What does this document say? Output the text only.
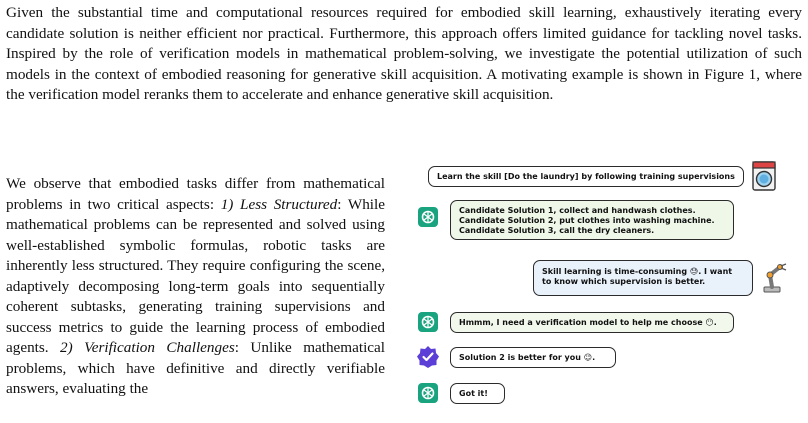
Given the substantial time and computational resources required for embodied skill learning, exhaustively iterating every candidate solution is neither efficient nor practical. Furthermore, this approach offers limited guidance for tackling novel tasks. Inspired by the role of verification models in mathematical problem-solving, we investigate the potential utilization of such models in the context of embodied reasoning for generative skill acquisition. A motivating example is shown in Figure 1, where the verification model reranks them to accelerate and enhance generative skill acquisition.

We observe that embodied tasks differ from mathematical problems in two critical aspects: 1) Less Structured: While mathematical problems can be represented and solved using well-established symbolic formulas, robotic tasks are inherently less structured. They require configuring the scene, adaptively decomposing long-term goals into sequentially coherent subtasks, generating training supervisions and success metrics to guide the learning process of embodied agents. 2) Verification Challenges: Unlike mathematical problems, which have definitive and directly verifiable answers, evaluating the

Learn the skill [Do the laundry] by following training supervisions
Candidate Solution 1, collect and handwash clothes.
Candidate Solution 2, put clothes into washing machine.
Candidate Solution 3, call the dry cleaners.
Skill learning is time-consuming 😓. I want
to know which supervision is better.
Hmmm, I need a verification model to help me choose 😶.
Solution 2 is better for you 😉.
Got it!
